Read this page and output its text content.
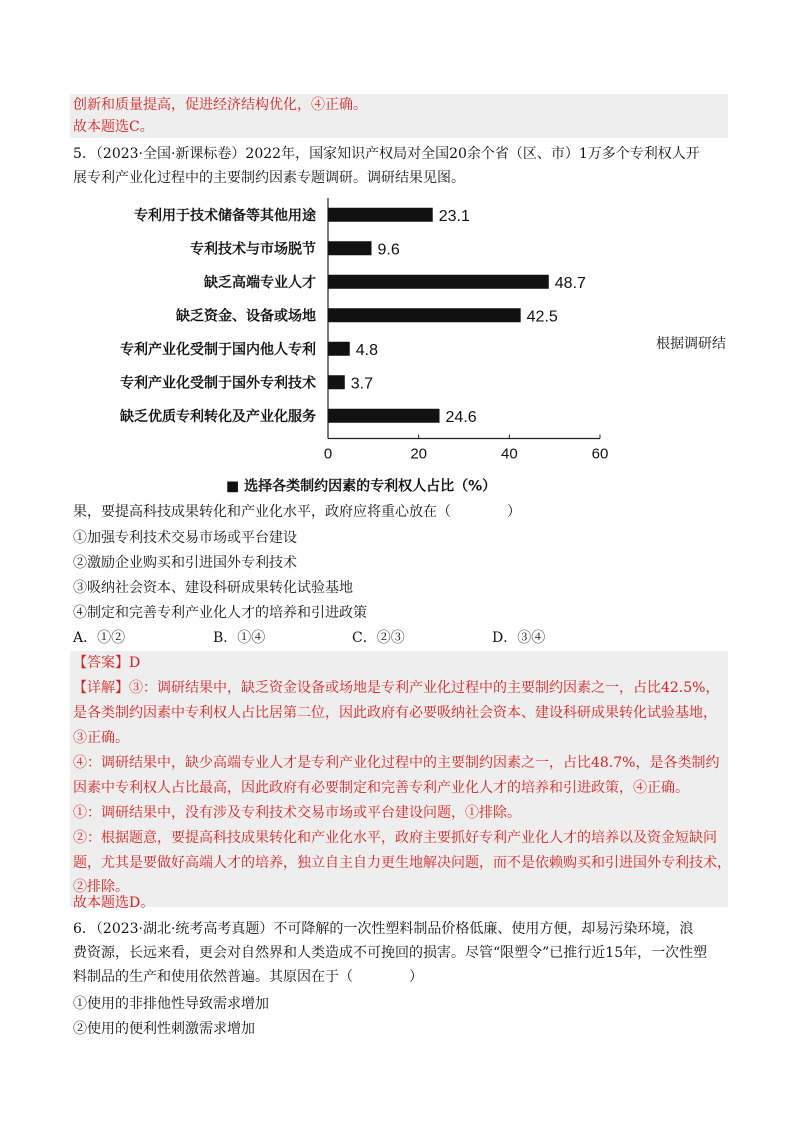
创新和质量提高，促进经济结构优化，④正确。
故本题选C。
5．（2023·全国·新课标卷）2022年，国家知识产权局对全国20余个省（区、市）1万多个专利权人开
展专利产业化过程中的主要制约因素专题调研。调研结果见图。
专利用于技术储备等其他用途	23.1
专利技术与市场脱节	9.6
缺乏高端专业人才	48.7
缺乏资金、设备或场地	42.5
专利产业化受制于国内他人专利 4.8
专利产业化受制于国外专利技术 3.7
缺乏优质专利转化及产业化服务	24.6
0	20	40	60
■ 选择各类制约因素的专利权人占比（%）
根据调研结
果，要提高科技成果转化和产业化水平，政府应将重心放在（　　　　）
①加强专利技术交易市场或平台建设
②激励企业购买和引进国外专利技术
③吸纳社会资本、建设科研成果转化试验基地
④制定和完善专利产业化人才的培养和引进政策
A．①②	B．①④	C．②③	D．③④
【答案】D
【详解】③：调研结果中，缺乏资金设备或场地是专利产业化过程中的主要制约因素之一，占比42.5%，
是各类制约因素中专利权人占比居第二位，因此政府有必要吸纳社会资本、建设科研成果转化试验基地，
③正确。
④：调研结果中，缺少高端专业人才是专利产业化过程中的主要制约因素之一，占比48.7%，是各类制约
因素中专利权人占比最高，因此政府有必要制定和完善专利产业化人才的培养和引进政策，④正确。
①：调研结果中，没有涉及专利技术交易市场或平台建设问题，①排除。
②：根据题意，要提高科技成果转化和产业化水平，政府主要抓好专利产业化人才的培养以及资金短缺问
题，尤其是要做好高端人才的培养，独立自主自力更生地解决问题，而不是依赖购买和引进国外专利技术，
②排除。
故本题选D。
6．（2023·湖北·统考高考真题）不可降解的一次性塑料制品价格低廉、使用方便，却易污染环境，浪
费资源，长远来看，更会对自然界和人类造成不可挽回的损害。尽管“限塑令”已推行近15年，一次性塑
料制品的生产和使用依然普遍。其原因在于（　　　　）
①使用的非排他性导致需求增加
②使用的便利性刺激需求增加
